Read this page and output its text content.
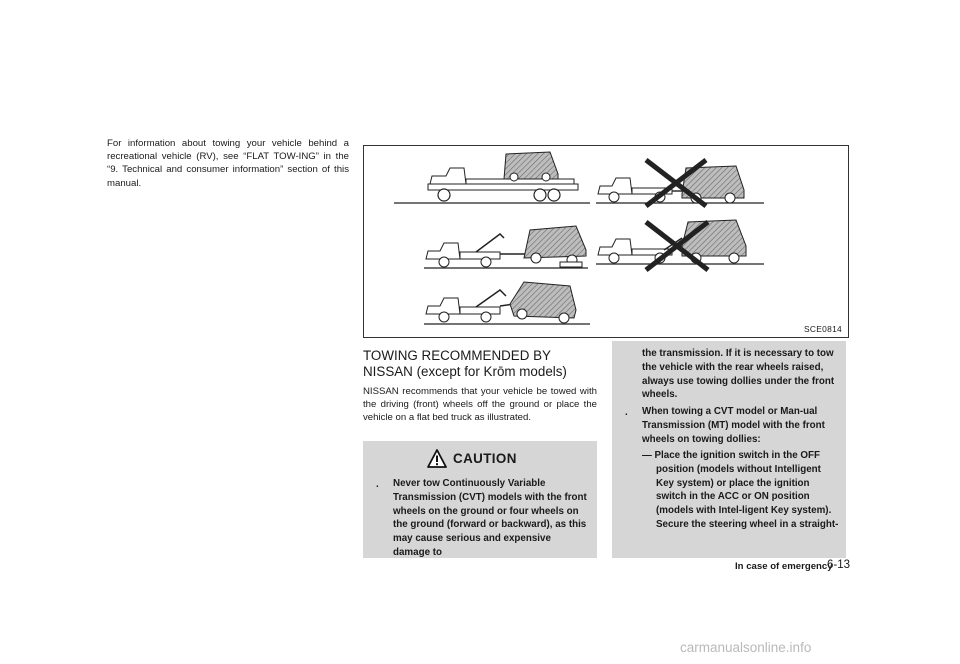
For information about towing your vehicle behind a recreational vehicle (RV), see “FLAT TOW-ING” in the “9. Technical and consumer information” section of this manual.

SCE0814
TOWING RECOMMENDED BY
NISSAN (except for Krōm models)

NISSAN recommends that your vehicle be towed with the driving (front) wheels off the ground or place the vehicle on a flat bed truck as illustrated.

CAUTION
. Never tow Continuously Variable Transmission (CVT) models with the front wheels on the ground or four wheels on the ground (forward or backward), as this may cause serious and expensive damage to
the transmission. If it is necessary to tow the vehicle with the rear wheels raised, always use towing dollies under the front wheels.
. When towing a CVT model or Man-ual Transmission (MT) model with the front wheels on towing dollies:
— Place the ignition switch in the OFF position (models without Intelligent Key system) or place the ignition switch in the ACC or ON position (models with Intel-ligent Key system). Secure the steering wheel in a straight-
In case of emergency
6-13
carmanualsonline.info
